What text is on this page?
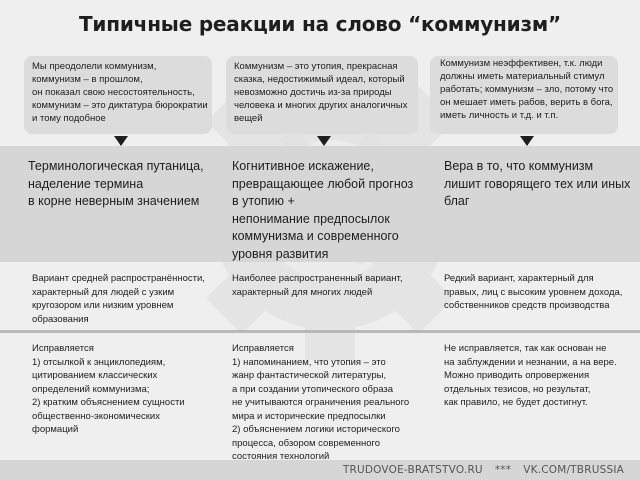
Типичные реакции на слово “коммунизм”
Мы преодолели коммунизм,
коммунизм – в прошлом,
он показал свою несостоятельность,
коммунизм – это диктатура бюрократии
и тому подобное
Коммунизм – это утопия, прекрасная
сказка, недостижимый идеал, который
невозможно достичь из-за природы
человека и многих других аналогичных
вещей
Коммунизм неэффективен, т.к. люди
должны иметь материальный стимул
работать; коммунизм – зло, потому что
он мешает иметь рабов, верить в бога,
иметь личность и т.д. и т.п.
Терминологическая путаница,
наделение термина
в корне неверным значением
Когнитивное искажение,
превращающее любой прогноз
в утопию +
непонимание предпосылок
коммунизма и современного
уровня развития
Вера в то, что коммунизм
лишит говорящего тех или иных
благ
Вариант средней распространённости,
характерный для людей с узким
кругозором или низким уровнем
образования
Наиболее распространенный вариант,
характерный для многих людей
Редкий вариант, характерный для
правых, лиц с высоким уровнем дохода,
собственников средств производства
Исправляется
1) отсылкой к энциклопедиям,
цитированием классических
определений коммунизма;
2) кратким объяснением сущности
общественно-экономических
формаций
Исправляется
1) напоминанием, что утопия – это
жанр фантастической литературы,
а при создании утопического образа
не учитываются ограничения реального
мира и исторические предпосылки
2) объяснением логики исторического
процесса, обзором современного
состояния технологий
Не исправляется, так как основан не
на заблуждении и незнании, а на вере.
Можно приводить опровержения
отдельных тезисов, но результат,
как правило, не будет достигнут.
TRUDOVOE-BRATSTVO.RU *** VK.COM/TBRUSSIA
